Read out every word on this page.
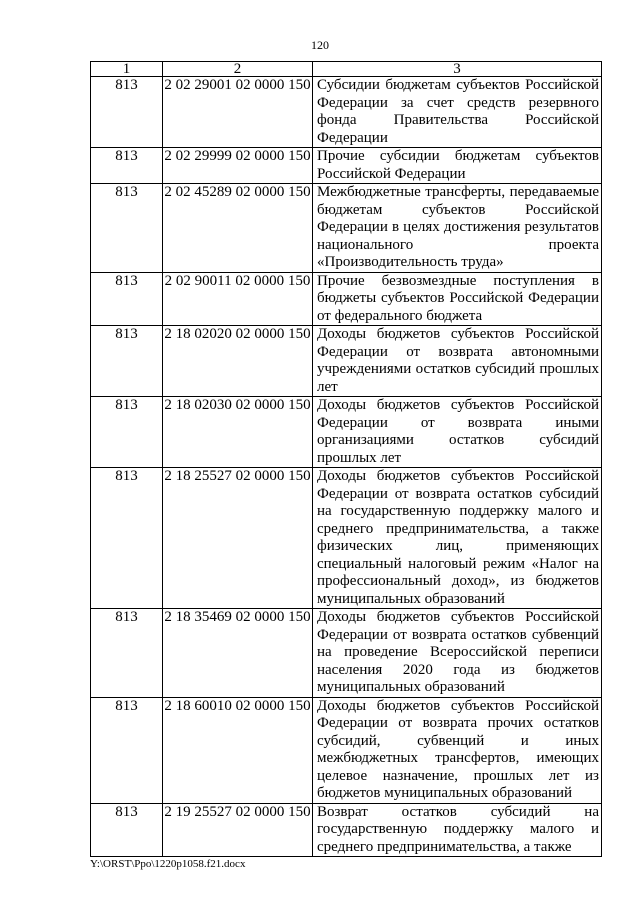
120
1	2	3
813	2 02 29001 02 0000 150	Субсидии бюджетам субъектов Российской Федерации за счет средств резервного фонда Правительства Российской Федерации
813	2 02 29999 02 0000 150	Прочие субсидии бюджетам субъектов Российской Федерации
813	2 02 45289 02 0000 150	Межбюджетные трансферты, передаваемые бюджетам субъектов Российской Федерации в целях достижения результатов национального проекта «Производительность труда»
813	2 02 90011 02 0000 150	Прочие безвозмездные поступления в бюджеты субъектов Российской Федерации от федерального бюджета
813	2 18 02020 02 0000 150	Доходы бюджетов субъектов Российской Федерации от возврата автономными учреждениями остатков субсидий прошлых лет
813	2 18 02030 02 0000 150	Доходы бюджетов субъектов Российской Федерации от возврата иными организациями остатков субсидий прошлых лет
813	2 18 25527 02 0000 150	Доходы бюджетов субъектов Российской Федерации от возврата остатков субсидий на государственную поддержку малого и среднего предпринимательства, а также физических лиц, применяющих специальный налоговый режим «Налог на профессиональный доход», из бюджетов муниципальных образований
813	2 18 35469 02 0000 150	Доходы бюджетов субъектов Российской Федерации от возврата остатков субвенций на проведение Всероссийской переписи населения 2020 года из бюджетов муниципальных образований
813	2 18 60010 02 0000 150	Доходы бюджетов субъектов Российской Федерации от возврата прочих остатков субсидий, субвенций и иных межбюджетных трансфертов, имеющих целевое назначение, прошлых лет из бюджетов муниципальных образований
813	2 19 25527 02 0000 150	Возврат остатков субсидий на государственную поддержку малого и среднего предпринимательства, а также
Y:\ORST\Ppo\1220p1058.f21.docx
